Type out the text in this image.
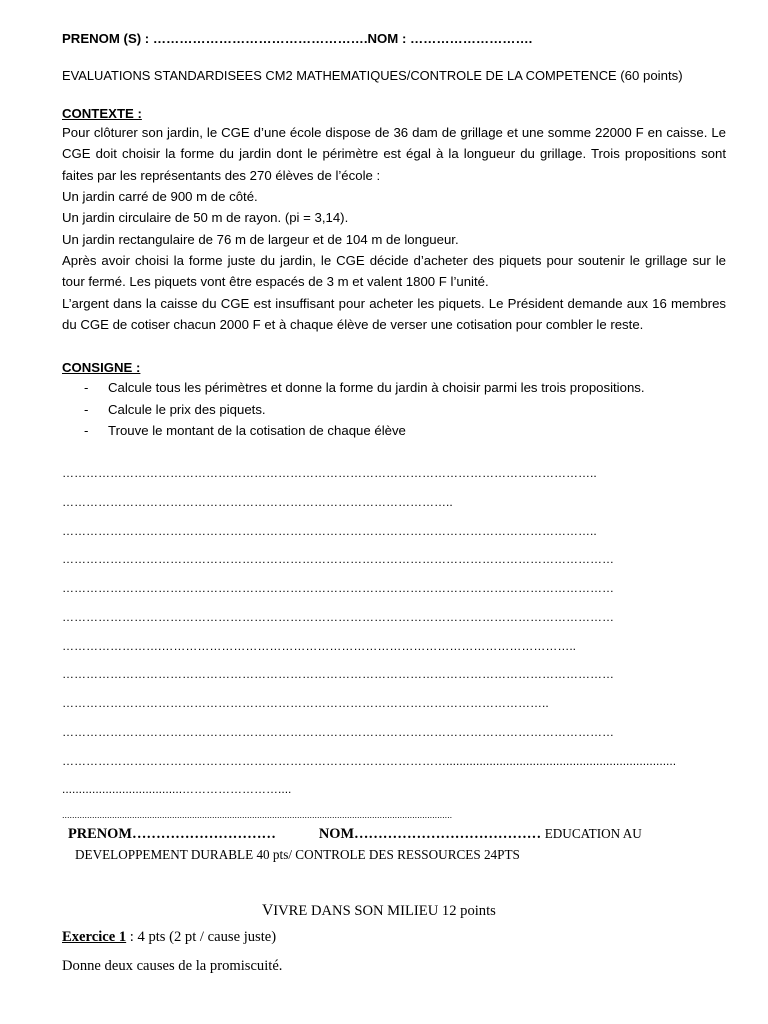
PRENOM (S) : ………………………………………….NOM : ……………………….
EVALUATIONS STANDARDISEES CM2 MATHEMATIQUES/CONTROLE DE LA COMPETENCE (60 points)
CONTEXTE :
Pour clôturer son jardin, le CGE d’une école dispose de 36 dam de grillage et une somme 22000 F en caisse. Le CGE doit choisir la forme du jardin dont le périmètre est égal à la longueur du grillage. Trois propositions sont faites par les représentants des 270 élèves de l’école :
Un jardin carré de 900 m de côté.
Un jardin circulaire de 50 m de rayon. (pi = 3,14).
Un jardin rectangulaire de 76 m de largeur et de 104 m de longueur.
Après avoir choisi la forme juste du jardin, le CGE décide d’acheter des piquets pour soutenir le grillage sur le tour fermé. Les piquets vont être espacés de 3 m et valent 1800 F l’unité.
L’argent dans la caisse du CGE est insuffisant pour acheter les piquets. Le Président demande aux 16 membres du CGE de cotiser chacun 2000 F et à chaque élève de verser une cotisation pour combler le reste.
CONSIGNE :
- Calcule tous les périmètres et donne la forme du jardin à choisir parmi les trois propositions.
- Calcule le prix des piquets.
- Trouve le montant de la cotisation de chaque élève
……………………………………………………………………………………………………………………..
……………………………………………………………………………………..
……………………………………………………………………………………………………………………..
…………………………………………………………………………………………………………………………
…………………………………………………………………………………………………………………………
…………………………………………………………………………………………………………………………
…………………….…………………………………………………………………………………………..
…………………………………………………………………………………………………………………………
…………………………………………………………………………………………………………..
…………………………………………………………………………………………………………………………
…………………………………………………………………………………….....................................................................
....................................……………………....
............................................................................................................................................................
PRENOM…………………………	NOM………………………………… EDUCATION AU
DEVELOPPEMENT DURABLE 40 pts/ CONTROLE DES RESSOURCES 24PTS
VIVRE DANS SON MILIEU 12 points
Exercice 1 : 4 pts (2 pt / cause juste)
Donne deux causes de la promiscuité.
